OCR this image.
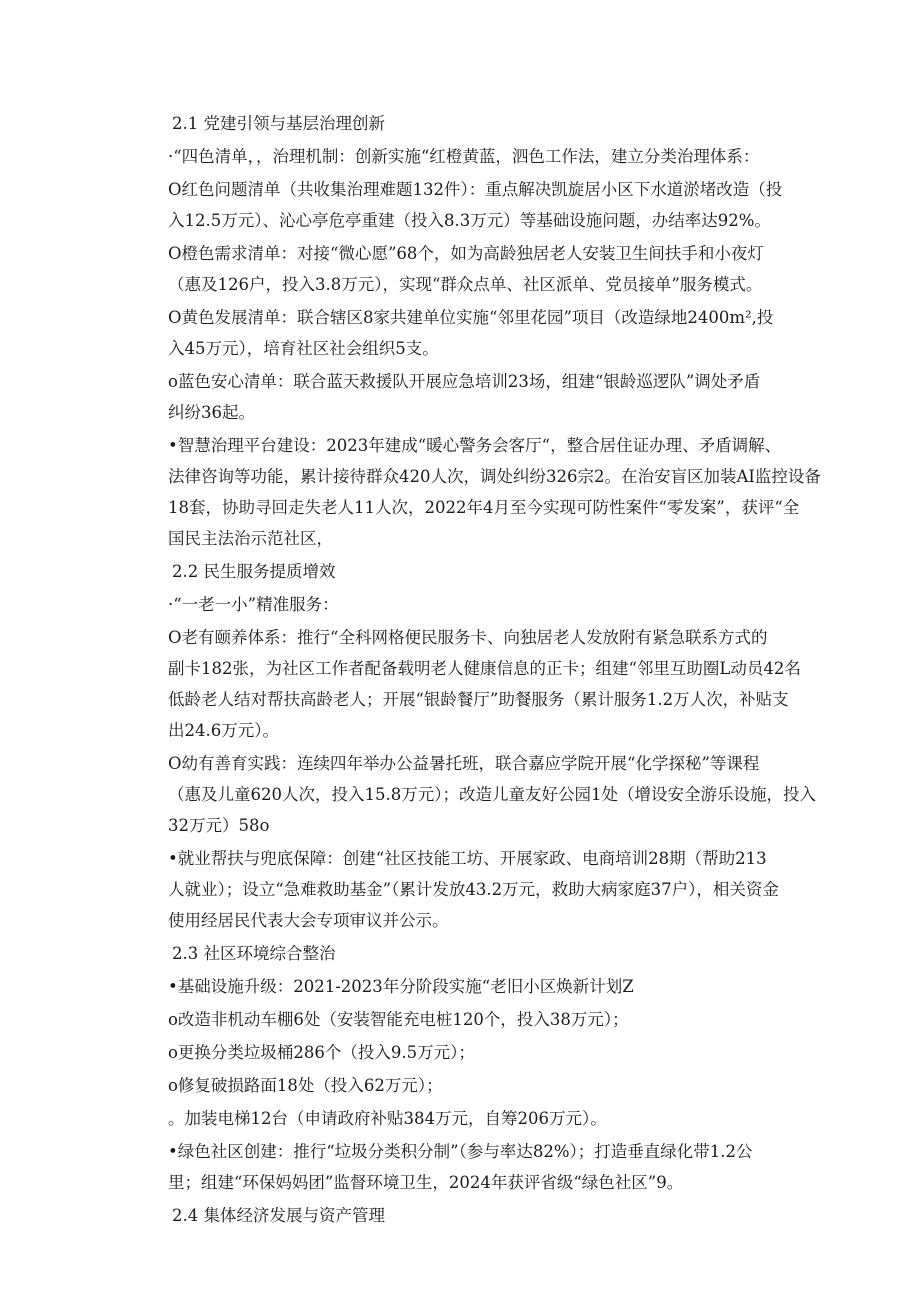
2.1 党建引领与基层治理创新

·“四色清单，，治理机制：创新实施“红橙黄蓝，泗色工作法，建立分类治理体系：

O红色问题清单（共收集治理难题132件）：重点解决凯旋居小区下水道淤堵改造（投

入12.5万元）、沁心亭危亭重建（投入8.3万元）等基础设施问题，办结率达92%。

O橙色需求清单：对接“微心愿”68个，如为高龄独居老人安装卫生间扶手和小夜灯

（惠及126户，投入3.8万元），实现“群众点单、社区派单、党员接单”服务模式。

O黄色发展清单：联合辖区8家共建单位实施“邻里花园”项目（改造绿地2400m²,投

入45万元），培育社区社会组织5支。

o蓝色安心清单：联合蓝天救援队开展应急培训23场，组建“银龄巡逻队”调处矛盾

纠纷36起。

•智慧治理平台建设：2023年建成“暖心警务会客厅“，整合居住证办理、矛盾调解、

法律咨询等功能，累计接待群众420人次，调处纠纷326宗2。在治安盲区加装AI监控设备

18套，协助寻回走失老人11人次，2022年4月至今实现可防性案件“零发案”，获评“全

国民主法治示范社区，

2.2 民生服务提质增效

·“一老一小”精准服务：

O老有颐养体系：推行“全科网格便民服务卡、向独居老人发放附有紧急联系方式的

副卡182张，为社区工作者配备载明老人健康信息的正卡；组建“邻里互助圈L动员42名

低龄老人结对帮扶高龄老人；开展“银龄餐厅”助餐服务（累计服务1.2万人次，补贴支

出24.6万元）。

O幼有善育实践：连续四年举办公益暑托班，联合嘉应学院开展“化学探秘”等课程

（惠及儿童620人次，投入15.8万元）；改造儿童友好公园1处（增设安全游乐设施，投入

32万元）58o

•就业帮扶与兜底保障：创建“社区技能工坊、开展家政、电商培训28期（帮助213

人就业）；设立“急难救助基金”（累计发放43.2万元，救助大病家庭37户），相关资金

使用经居民代表大会专项审议并公示。

2.3 社区环境综合整治

•基础设施升级：2021-2023年分阶段实施“老旧小区焕新计划Z

o改造非机动车棚6处（安装智能充电桩120个，投入38万元）；

o更换分类垃圾桶286个（投入9.5万元）；

o修复破损路面18处（投入62万元）；

。加装电梯12台（申请政府补贴384万元，自筹206万元）。

•绿色社区创建：推行“垃圾分类积分制”（参与率达82%）；打造垂直绿化带1.2公

里；组建“环保妈妈团”监督环境卫生，2024年获评省级“绿色社区”9。

2.4 集体经济发展与资产管理
